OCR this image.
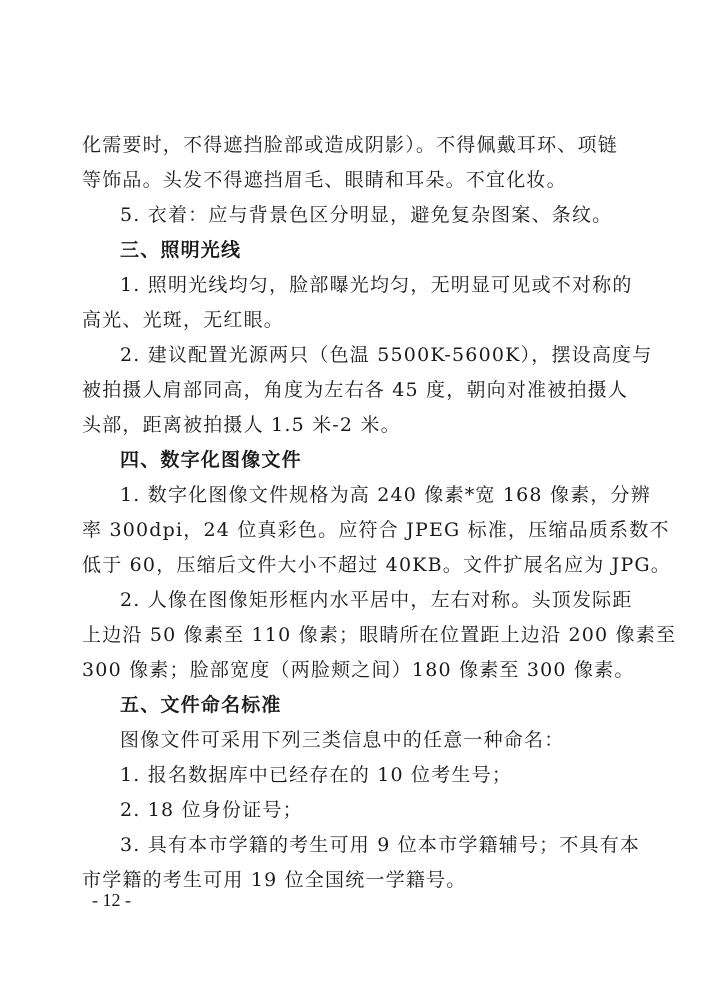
化需要时，不得遮挡脸部或造成阴影）。不得佩戴耳环、项链

等饰品。头发不得遮挡眉毛、眼睛和耳朵。不宜化妆。

5. 衣着：应与背景色区分明显，避免复杂图案、条纹。

三、照明光线

1. 照明光线均匀，脸部曝光均匀，无明显可见或不对称的

高光、光斑，无红眼。

2. 建议配置光源两只（色温 5500K-5600K），摆设高度与

被拍摄人肩部同高，角度为左右各 45 度，朝向对准被拍摄人

头部，距离被拍摄人 1.5 米-2 米。

四、数字化图像文件

1. 数字化图像文件规格为高 240 像素*宽 168 像素，分辨

率 300dpi，24 位真彩色。应符合 JPEG 标准，压缩品质系数不

低于 60，压缩后文件大小不超过 40KB。文件扩展名应为 JPG。

2. 人像在图像矩形框内水平居中，左右对称。头顶发际距

上边沿 50 像素至 110 像素；眼睛所在位置距上边沿 200 像素至

300 像素；脸部宽度（两脸颊之间）180 像素至 300 像素。

五、文件命名标准

图像文件可采用下列三类信息中的任意一种命名：

1. 报名数据库中已经存在的 10 位考生号；

2. 18 位身份证号；

3. 具有本市学籍的考生可用 9 位本市学籍辅号；不具有本

市学籍的考生可用 19 位全国统一学籍号。

- 12 -
